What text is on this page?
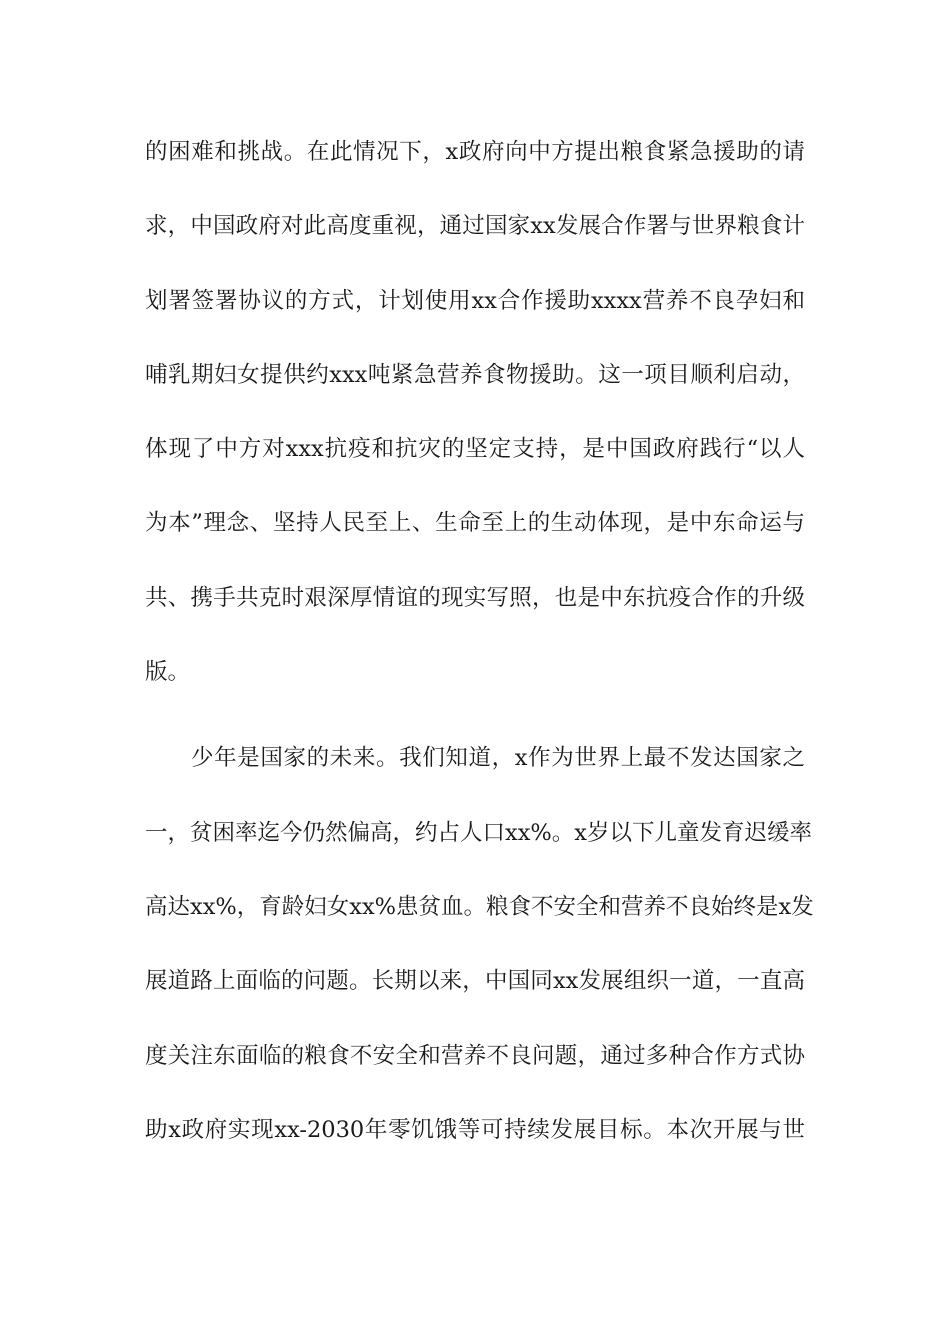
的困难和挑战。在此情况下，x政府向中方提出粮食紧急援助的请
求，中国政府对此高度重视，通过国家xx发展合作署与世界粮食计
划署签署协议的方式，计划使用xx合作援助xxxx营养不良孕妇和
哺乳期妇女提供约xxx吨紧急营养食物援助。这一项目顺利启动，
体现了中方对xxx抗疫和抗灾的坚定支持，是中国政府践行“以人
为本”理念、坚持人民至上、生命至上的生动体现，是中东命运与
共、携手共克时艰深厚情谊的现实写照，也是中东抗疫合作的升级
版。
少年是国家的未来。我们知道，x作为世界上最不发达国家之
一，贫困率迄今仍然偏高，约占人口xx%。x岁以下儿童发育迟缓率
高达xx%，育龄妇女xx%患贫血。粮食不安全和营养不良始终是x发
展道路上面临的问题。长期以来，中国同xx发展组织一道，一直高
度关注东面临的粮食不安全和营养不良问题，通过多种合作方式协
助x政府实现xx-2030年零饥饿等可持续发展目标。本次开展与世
